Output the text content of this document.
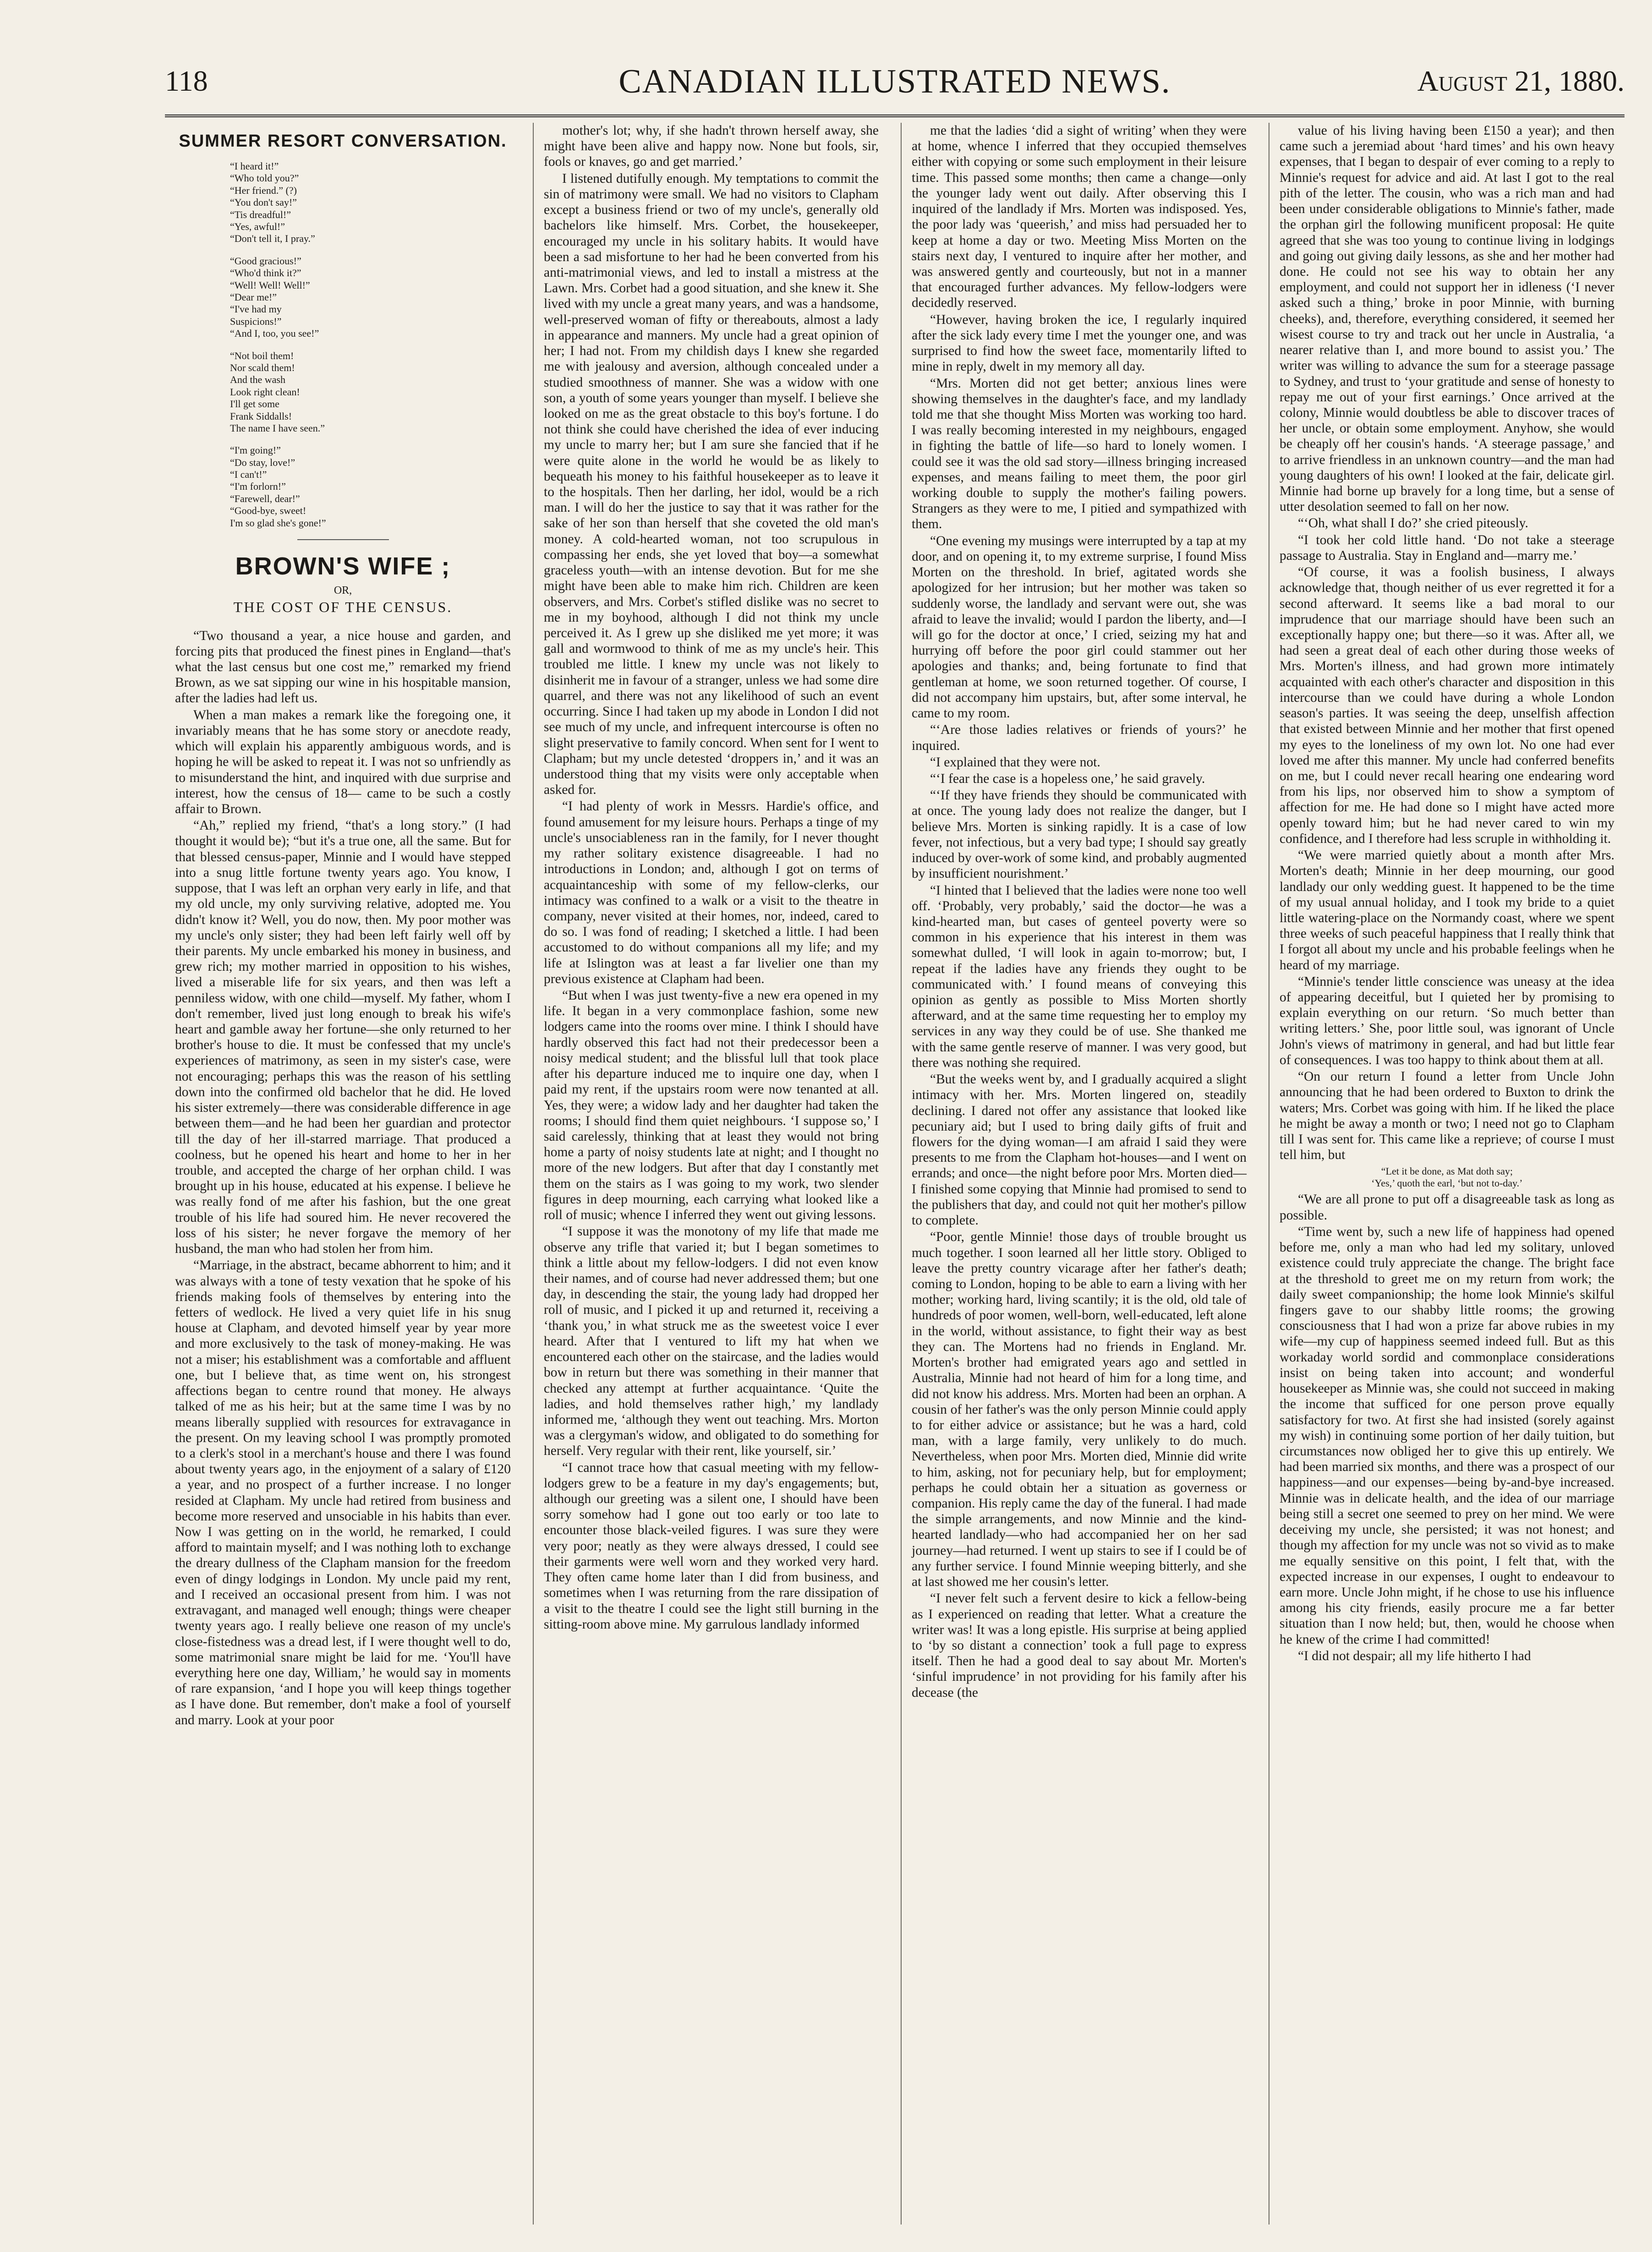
118	CANADIAN ILLUSTRATED NEWS.	August 21, 1880.
SUMMER RESORT CONVERSATION.
“I heard it!”
“Who told you?”
“Her friend.” (?)
“You don't say!”
“Tis dreadful!”
“Yes, awful!”
“Don't tell it, I pray.”
“Good gracious!”
“Who'd think it?”
“Well! Well! Well!”
“Dear me!”
“I've had my
Suspicions!”
“And I, too, you see!”
“Not boil them!
Nor scald them!
And the wash
Look right clean!
I'll get some
Frank Siddalls!
The name I have seen.”
“I'm going!”
“Do stay, love!”
“I can't!”
“I'm forlorn!”
“Farewell, dear!”
“Good-bye, sweet!
I'm so glad she's gone!”
BROWN'S WIFE ;
OR,
THE COST OF THE CENSUS.

“Two thousand a year, a nice house and garden, and forcing pits that produced the finest pines in England—that's what the last census but one cost me,” remarked my friend Brown, as we sat sipping our wine in his hospitable mansion, after the ladies had left us.

When a man makes a remark like the foregoing one, it invariably means that he has some story or anecdote ready, which will explain his apparently ambiguous words, and is hoping he will be asked to repeat it. I was not so unfriendly as to misunderstand the hint, and inquired with due surprise and interest, how the census of 18— came to be such a costly affair to Brown.

“Ah,” replied my friend, “that's a long story.” (I had thought it would be); “but it's a true one, all the same. But for that blessed census-paper, Minnie and I would have stepped into a snug little fortune twenty years ago. You know, I suppose, that I was left an orphan very early in life, and that my old uncle, my only surviving relative, adopted me. You didn't know it? Well, you do now, then. My poor mother was my uncle's only sister; they had been left fairly well off by their parents. My uncle embarked his money in business, and grew rich; my mother married in opposition to his wishes, lived a miserable life for six years, and then was left a penniless widow, with one child—myself. My father, whom I don't remember, lived just long enough to break his wife's heart and gamble away her fortune—she only returned to her brother's house to die. It must be confessed that my uncle's experiences of matrimony, as seen in my sister's case, were not encouraging; perhaps this was the reason of his settling down into the confirmed old bachelor that he did. He loved his sister extremely—there was considerable difference in age between them—and he had been her guardian and protector till the day of her ill-starred marriage. That produced a coolness, but he opened his heart and home to her in her trouble, and accepted the charge of her orphan child. I was brought up in his house, educated at his expense. I believe he was really fond of me after his fashion, but the one great trouble of his life had soured him. He never recovered the loss of his sister; he never forgave the memory of her husband, the man who had stolen her from him.

“Marriage, in the abstract, became abhorrent to him; and it was always with a tone of testy vexation that he spoke of his friends making fools of themselves by entering into the fetters of wedlock. He lived a very quiet life in his snug house at Clapham, and devoted himself year by year more and more exclusively to the task of money-making. He was not a miser; his establishment was a comfortable and affluent one, but I believe that, as time went on, his strongest affections began to centre round that money. He always talked of me as his heir; but at the same time I was by no means liberally supplied with resources for extravagance in the present. On my leaving school I was promptly promoted to a clerk's stool in a merchant's house and there I was found about twenty years ago, in the enjoyment of a salary of £120 a year, and no prospect of a further increase. I no longer resided at Clapham. My uncle had retired from business and become more reserved and unsociable in his habits than ever. Now I was getting on in the world, he remarked, I could afford to maintain myself; and I was nothing loth to exchange the dreary dullness of the Clapham mansion for the freedom even of dingy lodgings in London. My uncle paid my rent, and I received an occasional present from him. I was not extravagant, and managed well enough; things were cheaper twenty years ago. I really believe one reason of my uncle's close-fistedness was a dread lest, if I were thought well to do, some matrimonial snare might be laid for me. ‘You'll have everything here one day, William,’ he would say in moments of rare expansion, ‘and I hope you will keep things together as I have done. But remember, don't make a fool of yourself and marry. Look at your poor

mother's lot; why, if she hadn't thrown herself away, she might have been alive and happy now. None but fools, sir, fools or knaves, go and get married.’

I listened dutifully enough. My temptations to commit the sin of matrimony were small. We had no visitors to Clapham except a business friend or two of my uncle's, generally old bachelors like himself. Mrs. Corbet, the housekeeper, encouraged my uncle in his solitary habits. It would have been a sad misfortune to her had he been converted from his anti-matrimonial views, and led to install a mistress at the Lawn. Mrs. Corbet had a good situation, and she knew it. She lived with my uncle a great many years, and was a handsome, well-preserved woman of fifty or thereabouts, almost a lady in appearance and manners. My uncle had a great opinion of her; I had not. From my childish days I knew she regarded me with jealousy and aversion, although concealed under a studied smoothness of manner. She was a widow with one son, a youth of some years younger than myself. I believe she looked on me as the great obstacle to this boy's fortune. I do not think she could have cherished the idea of ever inducing my uncle to marry her; but I am sure she fancied that if he were quite alone in the world he would be as likely to bequeath his money to his faithful housekeeper as to leave it to the hospitals. Then her darling, her idol, would be a rich man. I will do her the justice to say that it was rather for the sake of her son than herself that she coveted the old man's money. A cold-hearted woman, not too scrupulous in compassing her ends, she yet loved that boy—a somewhat graceless youth—with an intense devotion. But for me she might have been able to make him rich. Children are keen observers, and Mrs. Corbet's stifled dislike was no secret to me in my boyhood, although I did not think my uncle perceived it. As I grew up she disliked me yet more; it was gall and wormwood to think of me as my uncle's heir. This troubled me little. I knew my uncle was not likely to disinherit me in favour of a stranger, unless we had some dire quarrel, and there was not any likelihood of such an event occurring. Since I had taken up my abode in London I did not see much of my uncle, and infrequent intercourse is often no slight preservative to family concord. When sent for I went to Clapham; but my uncle detested ‘droppers in,’ and it was an understood thing that my visits were only acceptable when asked for.

“I had plenty of work in Messrs. Hardie's office, and found amusement for my leisure hours. Perhaps a tinge of my uncle's unsociableness ran in the family, for I never thought my rather solitary existence disagreeable. I had no introductions in London; and, although I got on terms of acquaintanceship with some of my fellow-clerks, our intimacy was confined to a walk or a visit to the theatre in company, never visited at their homes, nor, indeed, cared to do so. I was fond of reading; I sketched a little. I had been accustomed to do without companions all my life; and my life at Islington was at least a far livelier one than my previous existence at Clapham had been.

“But when I was just twenty-five a new era opened in my life. It began in a very commonplace fashion, some new lodgers came into the rooms over mine. I think I should have hardly observed this fact had not their predecessor been a noisy medical student; and the blissful lull that took place after his departure induced me to inquire one day, when I paid my rent, if the upstairs room were now tenanted at all. Yes, they were; a widow lady and her daughter had taken the rooms; I should find them quiet neighbours. ‘I suppose so,’ I said carelessly, thinking that at least they would not bring home a party of noisy students late at night; and I thought no more of the new lodgers. But after that day I constantly met them on the stairs as I was going to my work, two slender figures in deep mourning, each carrying what looked like a roll of music; whence I inferred they went out giving lessons.

“I suppose it was the monotony of my life that made me observe any trifle that varied it; but I began sometimes to think a little about my fellow-lodgers. I did not even know their names, and of course had never addressed them; but one day, in descending the stair, the young lady had dropped her roll of music, and I picked it up and returned it, receiving a ‘thank you,’ in what struck me as the sweetest voice I ever heard. After that I ventured to lift my hat when we encountered each other on the staircase, and the ladies would bow in return but there was something in their manner that checked any attempt at further acquaintance. ‘Quite the ladies, and hold themselves rather high,’ my landlady informed me, ‘although they went out teaching. Mrs. Morton was a clergyman's widow, and obligated to do something for herself. Very regular with their rent, like yourself, sir.’

“I cannot trace how that casual meeting with my fellow-lodgers grew to be a feature in my day's engagements; but, although our greeting was a silent one, I should have been sorry somehow had I gone out too early or too late to encounter those black-veiled figures. I was sure they were very poor; neatly as they were always dressed, I could see their garments were well worn and they worked very hard. They often came home later than I did from business, and sometimes when I was returning from the rare dissipation of a visit to the theatre I could see the light still burning in the sitting-room above mine. My garrulous landlady informed

me that the ladies ‘did a sight of writing’ when they were at home, whence I inferred that they occupied themselves either with copying or some such employment in their leisure time. This passed some months; then came a change—only the younger lady went out daily. After observing this I inquired of the landlady if Mrs. Morten was indisposed. Yes, the poor lady was ‘queerish,’ and miss had persuaded her to keep at home a day or two. Meeting Miss Morten on the stairs next day, I ventured to inquire after her mother, and was answered gently and courteously, but not in a manner that encouraged further advances. My fellow-lodgers were decidedly reserved.

“However, having broken the ice, I regularly inquired after the sick lady every time I met the younger one, and was surprised to find how the sweet face, momentarily lifted to mine in reply, dwelt in my memory all day.

“Mrs. Morten did not get better; anxious lines were showing themselves in the daughter's face, and my landlady told me that she thought Miss Morten was working too hard. I was really becoming interested in my neighbours, engaged in fighting the battle of life—so hard to lonely women. I could see it was the old sad story—illness bringing increased expenses, and means failing to meet them, the poor girl working double to supply the mother's failing powers. Strangers as they were to me, I pitied and sympathized with them.

“One evening my musings were interrupted by a tap at my door, and on opening it, to my extreme surprise, I found Miss Morten on the threshold. In brief, agitated words she apologized for her intrusion; but her mother was taken so suddenly worse, the landlady and servant were out, she was afraid to leave the invalid; would I pardon the liberty, and—I will go for the doctor at once,’ I cried, seizing my hat and hurrying off before the poor girl could stammer out her apologies and thanks; and, being fortunate to find that gentleman at home, we soon returned together. Of course, I did not accompany him upstairs, but, after some interval, he came to my room.

“‘Are those ladies relatives or friends of yours?’ he inquired.

“I explained that they were not.

“‘I fear the case is a hopeless one,’ he said gravely.

“‘If they have friends they should be communicated with at once. The young lady does not realize the danger, but I believe Mrs. Morten is sinking rapidly. It is a case of low fever, not infectious, but a very bad type; I should say greatly induced by over-work of some kind, and probably augmented by insufficient nourishment.’

“I hinted that I believed that the ladies were none too well off. ‘Probably, very probably,’ said the doctor—he was a kind-hearted man, but cases of genteel poverty were so common in his experience that his interest in them was somewhat dulled, ‘I will look in again to-morrow; but, I repeat if the ladies have any friends they ought to be communicated with.’ I found means of conveying this opinion as gently as possible to Miss Morten shortly afterward, and at the same time requesting her to employ my services in any way they could be of use. She thanked me with the same gentle reserve of manner. I was very good, but there was nothing she required.

“But the weeks went by, and I gradually acquired a slight intimacy with her. Mrs. Morten lingered on, steadily declining. I dared not offer any assistance that looked like pecuniary aid; but I used to bring daily gifts of fruit and flowers for the dying woman—I am afraid I said they were presents to me from the Clapham hot-houses—and I went on errands; and once—the night before poor Mrs. Morten died—I finished some copying that Minnie had promised to send to the publishers that day, and could not quit her mother's pillow to complete.

“Poor, gentle Minnie! those days of trouble brought us much together. I soon learned all her little story. Obliged to leave the pretty country vicarage after her father's death; coming to London, hoping to be able to earn a living with her mother; working hard, living scantily; it is the old, old tale of hundreds of poor women, well-born, well-educated, left alone in the world, without assistance, to fight their way as best they can. The Mortens had no friends in England. Mr. Morten's brother had emigrated years ago and settled in Australia, Minnie had not heard of him for a long time, and did not know his address. Mrs. Morten had been an orphan. A cousin of her father's was the only person Minnie could apply to for either advice or assistance; but he was a hard, cold man, with a large family, very unlikely to do much. Nevertheless, when poor Mrs. Morten died, Minnie did write to him, asking, not for pecuniary help, but for employment; perhaps he could obtain her a situation as governess or companion. His reply came the day of the funeral. I had made the simple arrangements, and now Minnie and the kind-hearted landlady—who had accompanied her on her sad journey—had returned. I went up stairs to see if I could be of any further service. I found Minnie weeping bitterly, and she at last showed me her cousin's letter.

“I never felt such a fervent desire to kick a fellow-being as I experienced on reading that letter. What a creature the writer was! It was a long epistle. His surprise at being applied to ‘by so distant a connection’ took a full page to express itself. Then he had a good deal to say about Mr. Morten's ‘sinful imprudence’ in not providing for his family after his decease (the

value of his living having been £150 a year); and then came such a jeremiad about ‘hard times’ and his own heavy expenses, that I began to despair of ever coming to a reply to Minnie's request for advice and aid. At last I got to the real pith of the letter. The cousin, who was a rich man and had been under considerable obligations to Minnie's father, made the orphan girl the following munificent proposal: He quite agreed that she was too young to continue living in lodgings and going out giving daily lessons, as she and her mother had done. He could not see his way to obtain her any employment, and could not support her in idleness (‘I never asked such a thing,’ broke in poor Minnie, with burning cheeks), and, therefore, everything considered, it seemed her wisest course to try and track out her uncle in Australia, ‘a nearer relative than I, and more bound to assist you.’ The writer was willing to advance the sum for a steerage passage to Sydney, and trust to ‘your gratitude and sense of honesty to repay me out of your first earnings.’ Once arrived at the colony, Minnie would doubtless be able to discover traces of her uncle, or obtain some employment. Anyhow, she would be cheaply off her cousin's hands. ‘A steerage passage,’ and to arrive friendless in an unknown country—and the man had young daughters of his own! I looked at the fair, delicate girl. Minnie had borne up bravely for a long time, but a sense of utter desolation seemed to fall on her now.

“‘Oh, what shall I do?’ she cried piteously.

“I took her cold little hand. ‘Do not take a steerage passage to Australia. Stay in England and—marry me.’

“Of course, it was a foolish business, I always acknowledge that, though neither of us ever regretted it for a second afterward. It seems like a bad moral to our imprudence that our marriage should have been such an exceptionally happy one; but there—so it was. After all, we had seen a great deal of each other during those weeks of Mrs. Morten's illness, and had grown more intimately acquainted with each other's character and disposition in this intercourse than we could have during a whole London season's parties. It was seeing the deep, unselfish affection that existed between Minnie and her mother that first opened my eyes to the loneliness of my own lot. No one had ever loved me after this manner. My uncle had conferred benefits on me, but I could never recall hearing one endearing word from his lips, nor observed him to show a symptom of affection for me. He had done so I might have acted more openly toward him; but he had never cared to win my confidence, and I therefore had less scruple in withholding it.

“We were married quietly about a month after Mrs. Morten's death; Minnie in her deep mourning, our good landlady our only wedding guest. It happened to be the time of my usual annual holiday, and I took my bride to a quiet little watering-place on the Normandy coast, where we spent three weeks of such peaceful happiness that I really think that I forgot all about my uncle and his probable feelings when he heard of my marriage.

“Minnie's tender little conscience was uneasy at the idea of appearing deceitful, but I quieted her by promising to explain everything on our return. ‘So much better than writing letters.’ She, poor little soul, was ignorant of Uncle John's views of matrimony in general, and had but little fear of consequences. I was too happy to think about them at all.

“On our return I found a letter from Uncle John announcing that he had been ordered to Buxton to drink the waters; Mrs. Corbet was going with him. If he liked the place he might be away a month or two; I need not go to Clapham till I was sent for. This came like a reprieve; of course I must tell him, but

“Let it be done, as Mat doth say;
‘Yes,’ quoth the earl, ‘but not to-day.’

“We are all prone to put off a disagreeable task as long as possible.

“Time went by, such a new life of happiness had opened before me, only a man who had led my solitary, unloved existence could truly appreciate the change. The bright face at the threshold to greet me on my return from work; the daily sweet companionship; the home look Minnie's skilful fingers gave to our shabby little rooms; the growing consciousness that I had won a prize far above rubies in my wife—my cup of happiness seemed indeed full. But as this workaday world sordid and commonplace considerations insist on being taken into account; and wonderful housekeeper as Minnie was, she could not succeed in making the income that sufficed for one person prove equally satisfactory for two. At first she had insisted (sorely against my wish) in continuing some portion of her daily tuition, but circumstances now obliged her to give this up entirely. We had been married six months, and there was a prospect of our happiness—and our expenses—being by-and-bye increased. Minnie was in delicate health, and the idea of our marriage being still a secret one seemed to prey on her mind. We were deceiving my uncle, she persisted; it was not honest; and though my affection for my uncle was not so vivid as to make me equally sensitive on this point, I felt that, with the expected increase in our expenses, I ought to endeavour to earn more. Uncle John might, if he chose to use his influence among his city friends, easily procure me a far better situation than I now held; but, then, would he choose when he knew of the crime I had committed!

“I did not despair; all my life hitherto I had
